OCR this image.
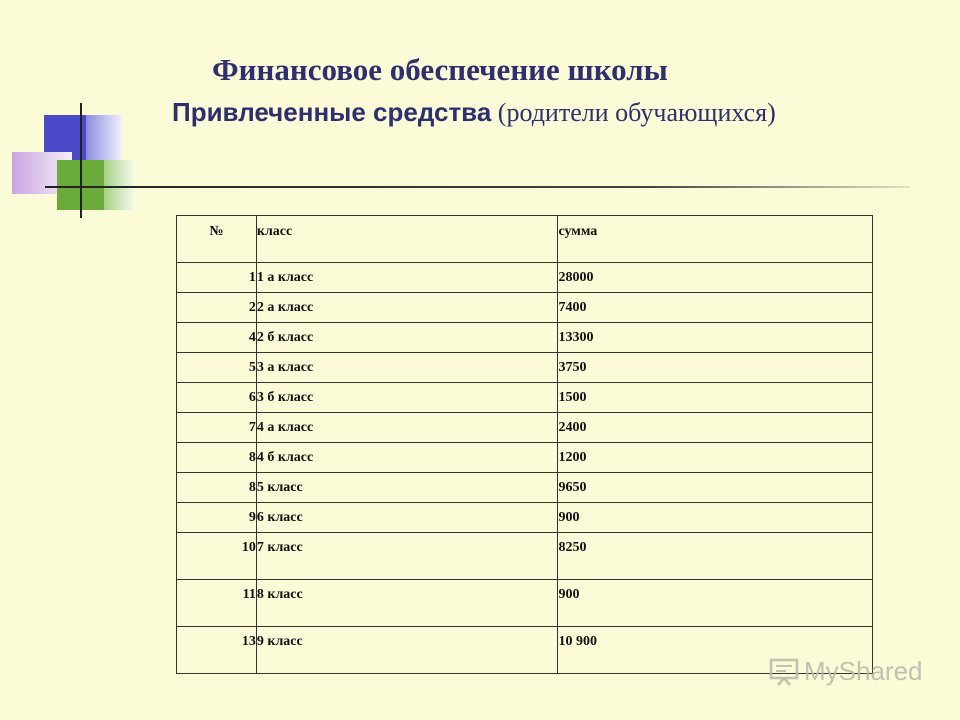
Финансовое обеспечение школы
Привлеченные средства (родители обучающихся)
№	класс	сумма
1	1 а класс	28000
2	2 а класс	7400
4	2 б класс	13300
5	3 а класс	3750
6	3 б класс	1500
7	4 а класс	2400
8	4 б класс	1200
8	5 класс	9650
9	6 класс	900
10	7 класс	8250
11	8 класс	900
13	9 класс	10 900
MyShared
